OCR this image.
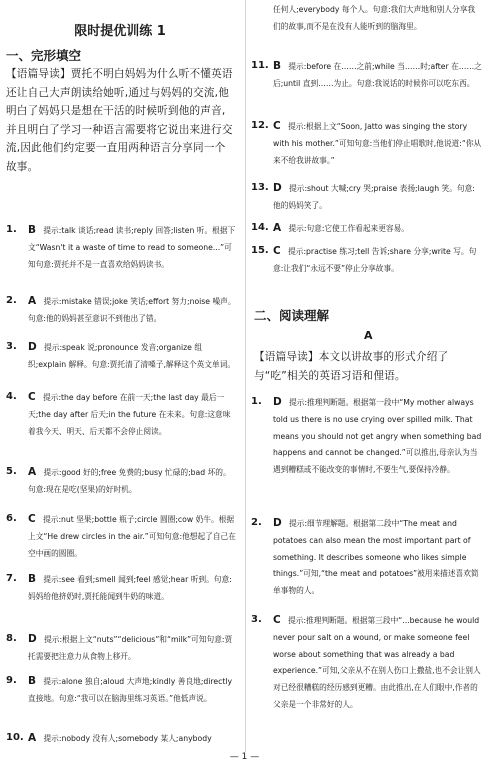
限时提优训练 1
一、完形填空
【语篇导读】贾托不明白妈妈为什么听不懂英语还让自己大声朗读给她听,通过与妈妈的交流,他明白了妈妈只是想在干活的时候听到他的声音,并且明白了学习一种语言需要将它说出来进行交流,因此他们约定要一直用两种语言分享同一个故事。
1.	B 提示:talk 谈话;read 读书;reply 回答;listen 听。根据下文“Wasn't it a waste of time to read to someone...”可知句意:贾托并不是一直喜欢给妈妈读书。
2.	A 提示:mistake 错误;joke 笑话;effort 努力;noise 噪声。句意:他的妈妈甚至意识不到他出了错。
3.	D 提示:speak 说;pronounce 发音;organize 组织;explain 解释。句意:贾托清了清嗓子,解释这个英文单词。
4.	C 提示:the day before 在前一天;the last day 最后一天;the day after 后天;in the future 在未来。句意:这意味着我今天、明天、后天都不会停止阅读。
5.	A 提示:good 好的;free 免费的;busy 忙碌的;bad 坏的。句意:现在是吃(坚果)的好时机。
6.	C 提示:nut 坚果;bottle 瓶子;circle 圆圈;cow 奶牛。根据上文“He drew circles in the air.”可知句意:他想起了自己在空中画的圆圈。
7.	B 提示:see 看到;smell 闻到;feel 感觉;hear 听到。句意:妈妈给他挤奶时,贾托能闻到牛奶的味道。
8.	D 提示:根据上文“nuts”“delicious”和“milk”可知句意:贾托需要把注意力从食物上移开。
9.	B 提示:alone 独自;aloud 大声地;kindly 善良地;directly 直接地。句意:“我可以在脑海里练习英语。”他低声说。
10. A 提示:nobody 没有人;somebody 某人;anybody
任何人;everybody 每个人。句意:我们大声地和别人分享我们的故事,而不是在没有人能听到的脑海里。
11. B 提示:before 在……之前;while 当……时;after 在……之后;until 直到……为止。句意:我说话的时候你可以吃东西。
12. C 提示:根据上文“Soon, Jatto was singing the story with his mother.”可知句意:当他们停止唱歌时,他说道:“你从来不给我讲故事。”
13. D 提示:shout 大喊;cry 哭;praise 表扬;laugh 笑。句意:他的妈妈笑了。
14. A 提示:句意:它使工作看起来更容易。
15. C 提示:practise 练习;tell 告诉;share 分享;write 写。句意:让我们“永远不要”停止分享故事。
二、阅读理解
A
【语篇导读】本文以讲故事的形式介绍了与“吃”相关的英语习语和俚语。
1.	D 提示:推理判断题。根据第一段中“My mother always told us there is no use crying over spilled milk. That means you should not get angry when something bad happens and cannot be changed.”可以推出,母亲认为当遇到糟糕或不能改变的事情时,不要生气,要保持冷静。
2.	D 提示:细节理解题。根据第二段中“The meat and potatoes can also mean the most important part of something. It describes someone who likes simple things.”可知,“the meat and potatoes”被用来描述喜欢简单事物的人。
3.	C 提示:推理判断题。根据第三段中“...because he would never pour salt on a wound, or make someone feel worse about something that was already a bad experience.”可知,父亲从不在别人伤口上撒盐,也不会让别人对已经很糟糕的经历感到更糟。由此推出,在人们眼中,作者的父亲是一个非常好的人。
— 1 —
